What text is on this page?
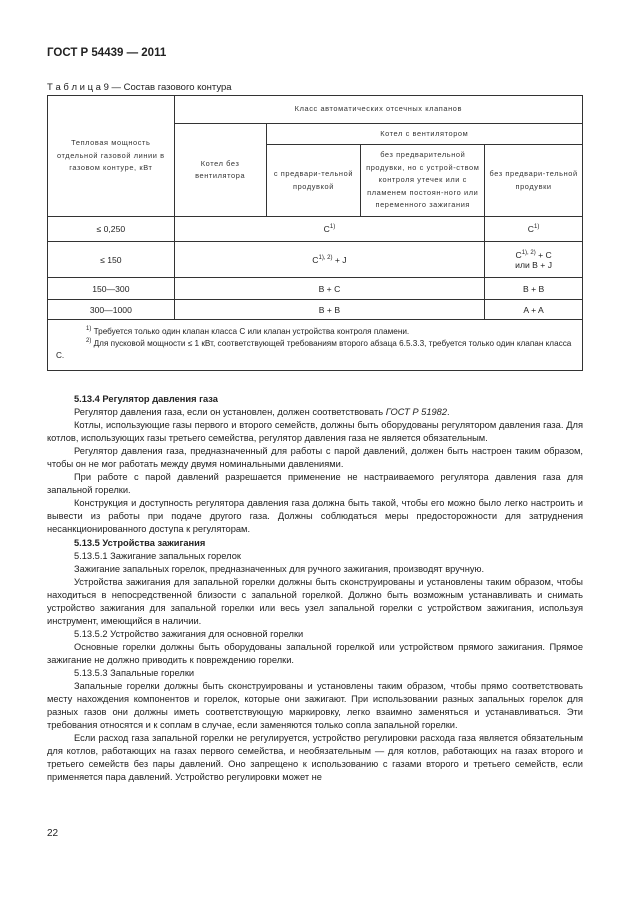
ГОСТ Р 54439 — 2011
Т а б л и ц а 9 — Состав газового контура
Тепловая мощность отдельной газовой линии в газовом контуре, кВт	Класс автоматических отсечных клапанов			
	Котел без вентилятора	Котел с вентилятором		
		с предвари-тельной продувкой	без предварительной продувки, но с устрой-ством контроля утечек или с пламенем постоян-ного или переменного зажигания	без предвари-тельной продувки
≤ 0,250	$C^{1)}$			$C^{1)}$
≤ 150	$C^{1), 2)} + J$			$C^{1), 2)} + C$
или B + J
150—300	B + C			B + B
300—1000	B + B			A + A

$^{1)}$ Требуется только один клапан класса C или клапан устройства контроля пламени.
$^{2)}$ Для пусковой мощности ≤ 1 кВт, соответствующей требованиям второго абзаца 6.5.3.3, требуется только один клапан класса C.				

5.13.4 Регулятор давления газа

Регулятор давления газа, если он установлен, должен соответствовать ГОСТ Р 51982.

Котлы, использующие газы первого и второго семейств, должны быть оборудованы регулятором давления газа. Для котлов, использующих газы третьего семейства, регулятор давления газа не является обязательным.

Регулятор давления газа, предназначенный для работы с парой давлений, должен быть настроен таким образом, чтобы он не мог работать между двумя номинальными давлениями.

При работе с парой давлений разрешается применение не настраиваемого регулятора давления газа для запальной горелки.

Конструкция и доступность регулятора давления газа должна быть такой, чтобы его можно было легко настроить и вывести из работы при подаче другого газа. Должны соблюдаться меры предосторожности для затруднения несанкционированного доступа к регуляторам.

5.13.5 Устройства зажигания

5.13.5.1 Зажигание запальных горелок

Зажигание запальных горелок, предназначенных для ручного зажигания, производят вручную.

Устройства зажигания для запальной горелки должны быть сконструированы и установлены таким образом, чтобы находиться в непосредственной близости с запальной горелкой. Должно быть возможным устанавливать и снимать устройство зажигания для запальной горелки или весь узел запальной горелки с устройством зажигания, используя инструмент, имеющийся в наличии.

5.13.5.2 Устройство зажигания для основной горелки

Основные горелки должны быть оборудованы запальной горелкой или устройством прямого зажигания. Прямое зажигание не должно приводить к повреждению горелки.

5.13.5.3 Запальные горелки

Запальные горелки должны быть сконструированы и установлены таким образом, чтобы прямо соответствовать месту нахождения компонентов и горелок, которые они зажигают. При использовании разных запальных горелок для разных газов они должны иметь соответствующую маркировку, легко взаимно заменяться и устанавливаться. Эти требования относятся и к соплам в случае, если заменяются только сопла запальной горелки.

Если расход газа запальной горелки не регулируется, устройство регулировки расхода газа является обязательным для котлов, работающих на газах первого семейства, и необязательным — для котлов, работающих на газах второго и третьего семейств без пары давлений. Оно запрещено к использованию с газами второго и третьего семейств, если применяется пара давлений. Устройство регулировки может не

22
